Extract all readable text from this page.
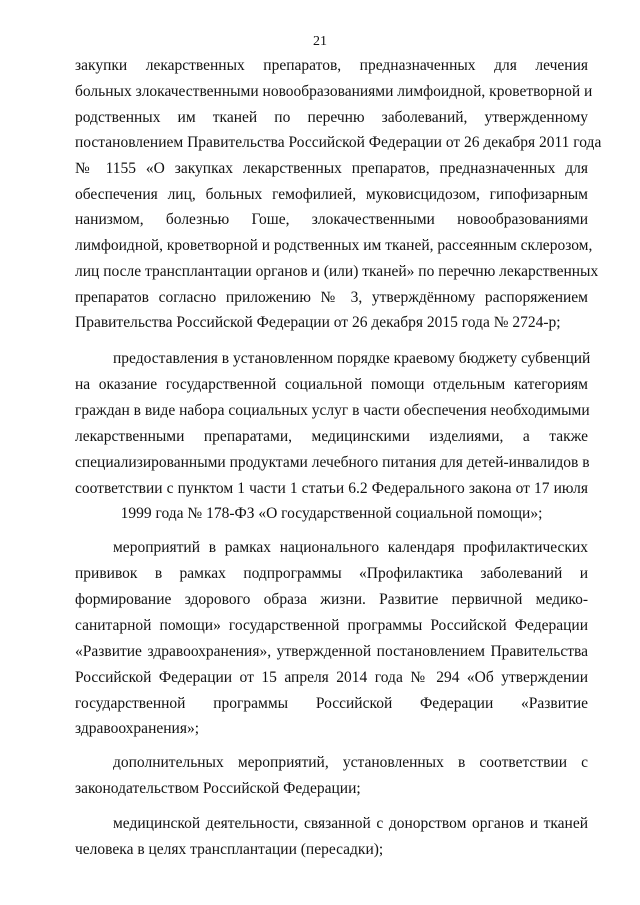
21
закупки лекарственных препаратов, предназначенных для лечения
больных злокачественными новообразованиями лимфоидной, кроветворной и
родственных им тканей по перечню заболеваний, утвержденному
постановлением Правительства Российской Федерации от 26 декабря 2011 года
№ 1155 «О закупках лекарственных препаратов, предназначенных для
обеспечения лиц, больных гемофилией, муковисцидозом, гипофизарным
нанизмом, болезнью Гоше, злокачественными новообразованиями
лимфоидной, кроветворной и родственных им тканей, рассеянным склерозом,
лиц после трансплантации органов и (или) тканей» по перечню лекарственных
препаратов согласно приложению № 3, утверждённому распоряжением
Правительства Российской Федерации от 26 декабря 2015 года № 2724-р;
предоставления в установленном порядке краевому бюджету субвенций
на оказание государственной социальной помощи отдельным категориям
граждан в виде набора социальных услуг в части обеспечения необходимыми
лекарственными препаратами, медицинскими изделиями, а также
специализированными продуктами лечебного питания для детей-инвалидов в
соответствии с пунктом 1 части 1 статьи 6.2 Федерального закона от 17 июля
1999 года № 178-ФЗ «О государственной социальной помощи»;
мероприятий в рамках национального календаря профилактических
прививок в рамках подпрограммы «Профилактика заболеваний и
формирование здорового образа жизни. Развитие первичной медико-
санитарной помощи» государственной программы Российской Федерации
«Развитие здравоохранения», утвержденной постановлением Правительства
Российской Федерации от 15 апреля 2014 года № 294 «Об утверждении
государственной программы Российской Федерации «Развитие
здравоохранения»;
дополнительных мероприятий, установленных в соответствии с
законодательством Российской Федерации;
медицинской деятельности, связанной с донорством органов и тканей
человека в целях трансплантации (пересадки);
